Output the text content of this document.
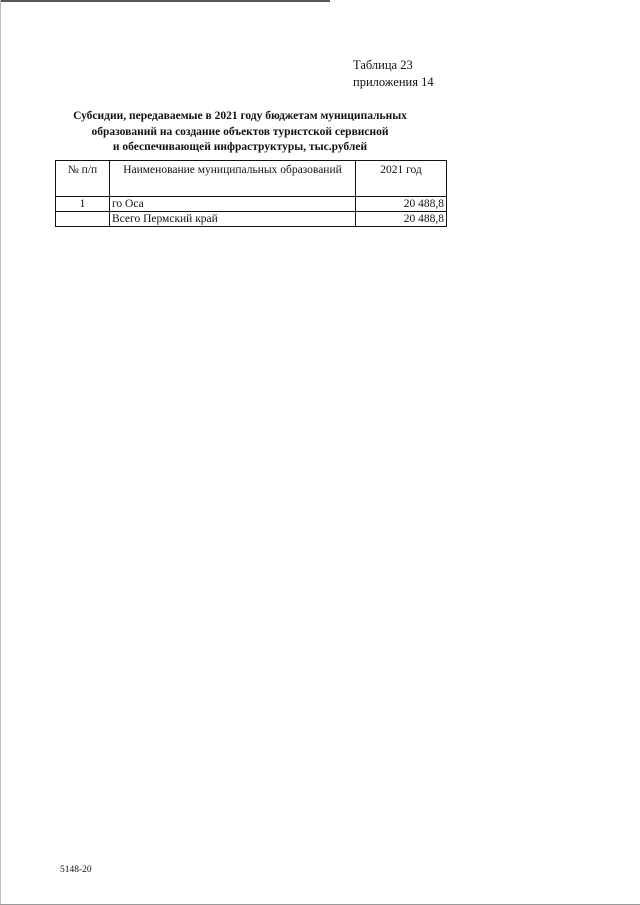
Таблица 23
приложения 14
Субсидии, передаваемые в 2021 году бюджетам муниципальных
образований на создание объектов туристской сервисной
и обеспечивающей инфраструктуры, тыс.рублей
№ п/п	Наименование муниципальных образований	2021 год
1	го Оса	20 488,8
	Всего Пермский край	20 488,8
5148-20
